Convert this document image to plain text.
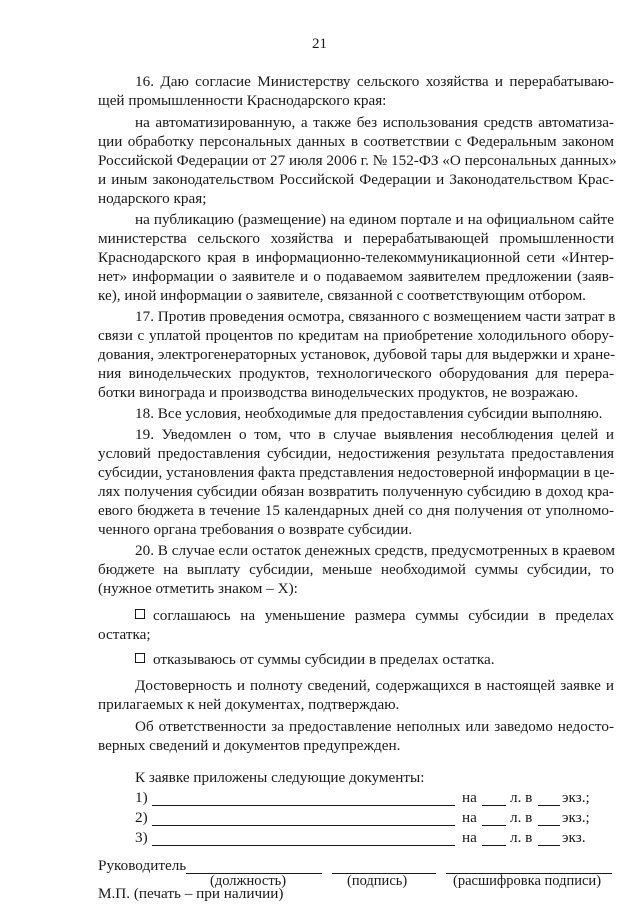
21
16. Даю согласие Министерству сельского хозяйства и перерабатываю-
щей промышленности Краснодарского края:
на автоматизированную, а также без использования средств автоматиза-
ции обработку персональных данных в соответствии с Федеральным законом
Российской Федерации от 27 июля 2006 г. № 152-ФЗ «О персональных данных»
и иным законодательством Российской Федерации и Законодательством Крас-
нодарского края;
на публикацию (размещение) на едином портале и на официальном сайте
министерства сельского хозяйства и перерабатывающей промышленности
Краснодарского края в информационно-телекоммуникационной сети «Интер-
нет» информации о заявителе и о подаваемом заявителем предложении (заяв-
ке), иной информации о заявителе, связанной с соответствующим отбором.
17. Против проведения осмотра, связанного с возмещением части затрат в
связи с уплатой процентов по кредитам на приобретение холодильного обору-
дования, электрогенераторных установок, дубовой тары для выдержки и хране-
ния винодельческих продуктов, технологического оборудования для перера-
ботки винограда и производства винодельческих продуктов, не возражаю.
18. Все условия, необходимые для предоставления субсидии выполняю.
19. Уведомлен о том, что в случае выявления несоблюдения целей и
условий предоставления субсидии, недостижения результата предоставления
субсидии, установления факта представления недостоверной информации в це-
лях получения субсидии обязан возвратить полученную субсидию в доход кра-
евого бюджета в течение 15 календарных дней со дня получения от уполномо-
ченного органа требования о возврате субсидии.
20. В случае если остаток денежных средств, предусмотренных в краевом
бюджете на выплату субсидии, меньше необходимой суммы субсидии, то
(нужное отметить знаком – Х):
соглашаюсь на уменьшение размера суммы субсидии в пределах
остатка;
отказываюсь от суммы субсидии в пределах остатка.
Достоверность и полноту сведений, содержащихся в настоящей заявке и
прилагаемых к ней документах, подтверждаю.
Об ответственности за предоставление неполных или заведомо недосто-
верных сведений и документов предупрежден.
К заявке приложены следующие документы:
1)	на л. в экз.;
2)	на л. в экз.;
3)	на л. в экз.
Руководитель
(должность)	(подпись)	(расшифровка подписи)
М.П. (печать – при наличии)
